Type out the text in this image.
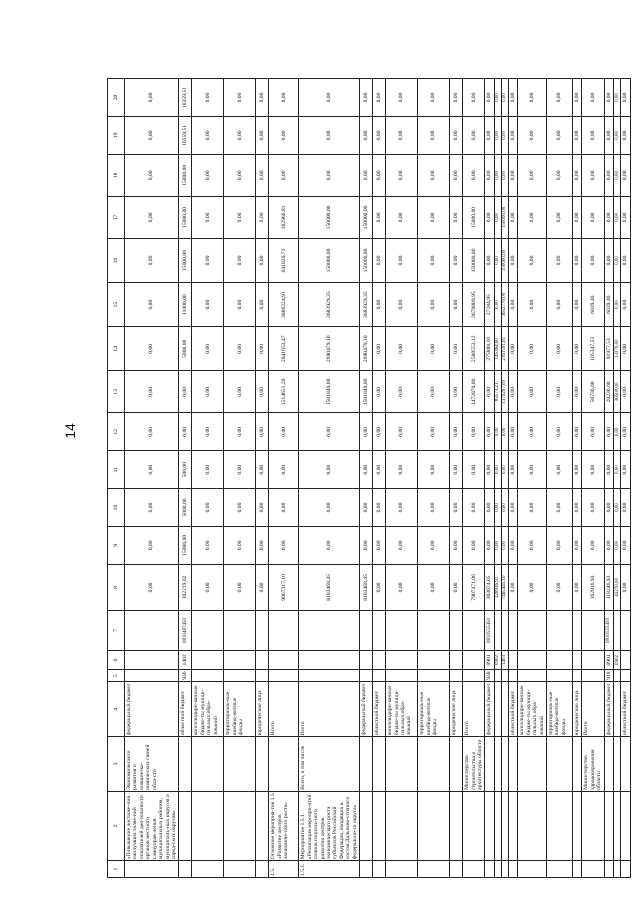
14
1	2	3	4	5	6	7	8	9	10	11	12	13	14	15	16	17	18	19	20
	«Повышение достиже-ния наилучших значе-ний показателей дея-тельности органов местного самоуправ-ления муниципальных районов, муниципаль-ных округов и город-ских округов»	Экономического развития и внешнеэко-номических связей обла-сти	федеральный бюджет				0,00	0,00	0,00	0,00	0,00	0,00	0,00	0,00	0,00	0,00	0,00	0,00	0,00
			областной бюджет	936	1402	0810487450	102219,02	15000,00	5000,00	500,00	0,00	0,00	5000,00	11000,00	15000,00	15000,00	15000,00	10359,51	10359,51
			консолидиро-ванные бюдже-ты муници-пальных обра-зований				0,00	0,00	0,00	0,00	0,00	0,00	0,00	0,00	0,00	0,00	0,00	0,00	0,00
			территориаль-ные внебюд-жетные фонды				0,00	0,00	0,00	0,00	0,00	0,00	0,00	0,00	0,00	0,00	0,00	0,00	0,00
			юридические лица				0,00	0,00	0,00	0,00	0,00	0,00	0,00	0,00	0,00	0,00	0,00	0,00	0,00
1.5.	Основное мероприя-тие 1.5 «Развитие центров экономиче-ского роста»		Всего				9067317,10	0,00	0,00	0,00	0,00	1514651,20	2841653,47	3886224,91	641820,71	182966,81	0,00	0,00	0,00
1.5.1.	Мероприятие 1.5.1. «Реализация меропри-ятий планов социаль-ного развития центров экономического роста субъектов Российской Федерации, входящих в состав Дальнево-сточного федерально-го округа»	Всего, в том числе	Всего				8183468,45	0,00	0,00	0,00	0,00	1501840,00	2690479,10	3683929,35	150000,00	150000,00	0,00	0,00	0,00
			федеральный бюджет				8183468,45	0,00	0,00	0,00	0,00	1501840,00	2690479,10	3683929,35	150000,00	150000,00	0,00	0,00	0,00
			областной бюджет				0,00	0,00	0,00	0,00	0,00	0,00	0,00	0,00	0,00	0,00	0,00	0,00	0,00
			консолидиро-ванные бюдже-ты муници-пальных обра-зований				0,00	0,00	0,00	0,00	0,00	0,00	0,00	0,00	0,00	0,00	0,00	0,00	0,00
			территориаль-ные внебюд-жетные фонды				0,00	0,00	0,00	0,00	0,00	0,00	0,00	0,00	0,00	0,00	0,00	0,00	0,00
			юридические лица				0,00	0,00	0,00	0,00	0,00	0,00	0,00	0,00	0,00	0,00	0,00	0,00	0,00
		Министерство строительства и архитектуры области	Всего				7907471,06	0,00	0,00	0,00	0,00	1472870,00	2588553,12	3678889,95	150000,00	15000,00	0,00	0,00	0,00
			федеральный бюджет	938	0901	0810555450	303074,05	0,00	0,00	0,00	0,00	0,00	275888,10	27184,95	0,00	0,00	0,00	0,00	0,00
					0902		228936,91	0,00	0,00	0,00	0,00	83573,21	145364,60	0,00	0,00	0,00	0,00	0,00	0,00
					1403		7465445,10	0,00	0,00	0,00	0,00	1379297,09	2161591,81	3652770,00	150000,00	150000,00	0,00	0,00	0,00
			областной бюджет				0,00	0,00	0,00	0,00	0,00	0,00	0,00	0,00	0,00	0,00	0,00	0,00	0,00
			консолидиро-ванные бюдже-ты муници-пальных обра-зований				0,00	0,00	0,00	0,00	0,00	0,00	0,00	0,00	0,00	0,00	0,00	0,00	0,00
			территориаль-ные внебюд-жетные фонды				0,00	0,00	0,00	0,00	0,00	0,00	0,00	0,00	0,00	0,00	0,00	0,00	0,00
			юридические лица				0,00	0,00	0,00	0,00	0,00	0,00	0,00	0,00	0,00	0,00	0,00	0,00	0,00
		Министерство здравоохранения области	Всего				162816,93	0,00	0,00	0,00	0,00	50730,00	105347,53	6039,40	0,00	0,00	0,00	0,00	0,00
			федеральный бюджет	918	0901	0810555450	118246,93	0,00	0,00	0,00	0,00	20230,00	91977,53	6039,40	0,00	0,00	0,00	0,00	0,00
					0902		43270,00	0,00	0,00	0,00	0,00	30500,00	13370,00	0,00	0,00	0,00	0,00	0,00	0,00
			областной бюджет				0,00	0,00	0,00	0,00	0,00	0,00	0,00	0,00	0,00	0,00	0,00	0,00	0,00
